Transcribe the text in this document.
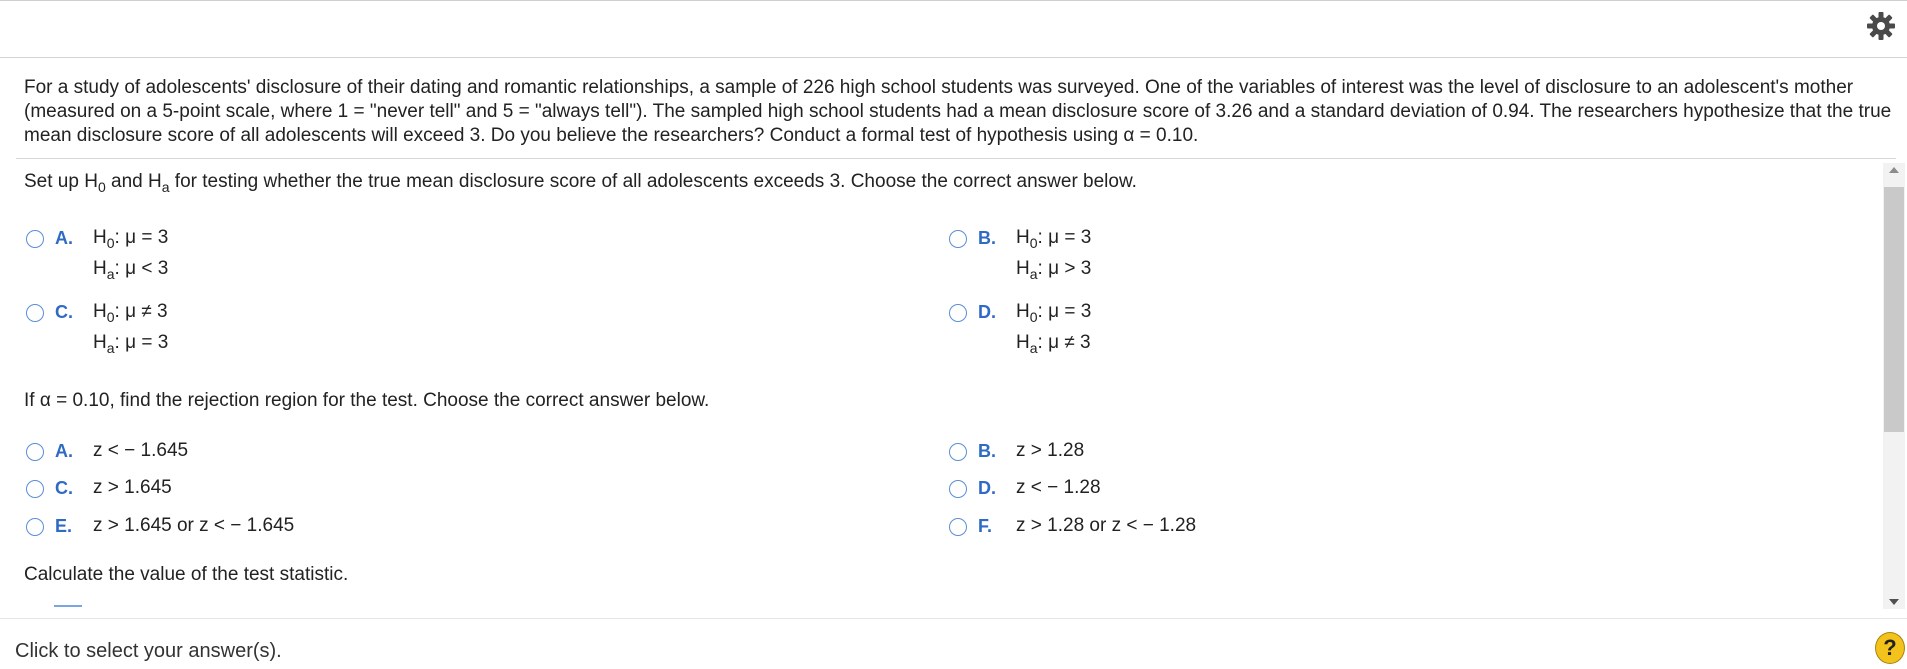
For a study of adolescents' disclosure of their dating and romantic relationships, a sample of 226 high school students was surveyed. One of the variables of interest was the level of disclosure to an adolescent's mother (measured on a 5-point scale, where 1 = "never tell" and 5 = "always tell"). The sampled high school students had a mean disclosure score of 3.26 and a standard deviation of 0.94. The researchers hypothesize that the true mean disclosure score of all adolescents will exceed 3. Do you believe the researchers? Conduct a formal test of hypothesis using α = 0.10.
Set up $H_0$ and $H_a$ for testing whether the true mean disclosure score of all adolescents exceeds 3. Choose the correct answer below.
A. $H_0$: μ = 3
$H_a$: μ < 3
B. $H_0$: μ = 3
$H_a$: μ > 3
C. $H_0$: μ ≠ 3
$H_a$: μ = 3
D. $H_0$: μ = 3
$H_a$: μ ≠ 3
If α = 0.10, find the rejection region for the test. Choose the correct answer below.
A. z < − 1.645	B. z > 1.28
C. z > 1.645	D. z < − 1.28
E. z > 1.645 or z < − 1.645	F. z > 1.28 or z < − 1.28
Calculate the value of the test statistic.
Click to select your answer(s).	?
